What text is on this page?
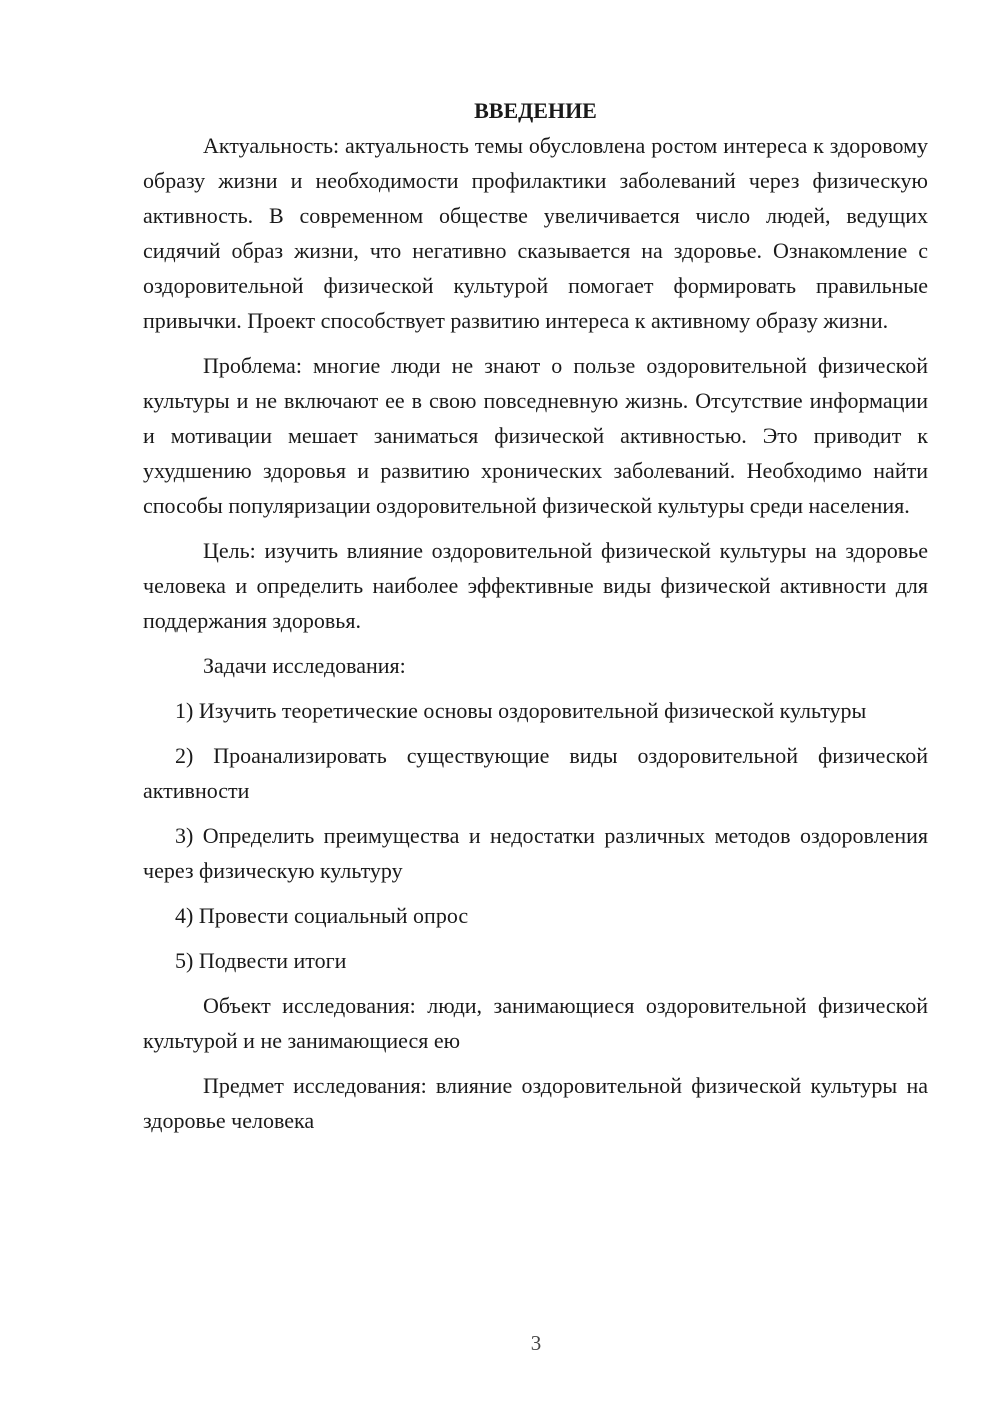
ВВЕДЕНИЕ

Актуальность: актуальность темы обусловлена ростом интереса к здоровому образу жизни и необходимости профилактики заболеваний через физическую активность. В современном обществе увеличивается число людей, ведущих сидячий образ жизни, что негативно сказывается на здоровье. Ознакомление с оздоровительной физической культурой помогает формировать правильные привычки. Проект способствует развитию интереса к активному образу жизни.

Проблема: многие люди не знают о пользе оздоровительной физической культуры и не включают ее в свою повседневную жизнь. Отсутствие информации и мотивации мешает заниматься физической активностью. Это приводит к ухудшению здоровья и развитию хронических заболеваний. Необходимо найти способы популяризации оздоровительной физической культуры среди населения.

Цель: изучить влияние оздоровительной физической культуры на здоровье человека и определить наиболее эффективные виды физической активности для поддержания здоровья.

Задачи исследования:

1) Изучить теоретические основы оздоровительной физической культуры

2) Проанализировать существующие виды оздоровительной физической активности

3) Определить преимущества и недостатки различных методов оздоровления через физическую культуру

4) Провести социальный опрос

5) Подвести итоги

Объект исследования: люди, занимающиеся оздоровительной физической культурой и не занимающиеся ею

Предмет исследования: влияние оздоровительной физической культуры на здоровье человека

3
